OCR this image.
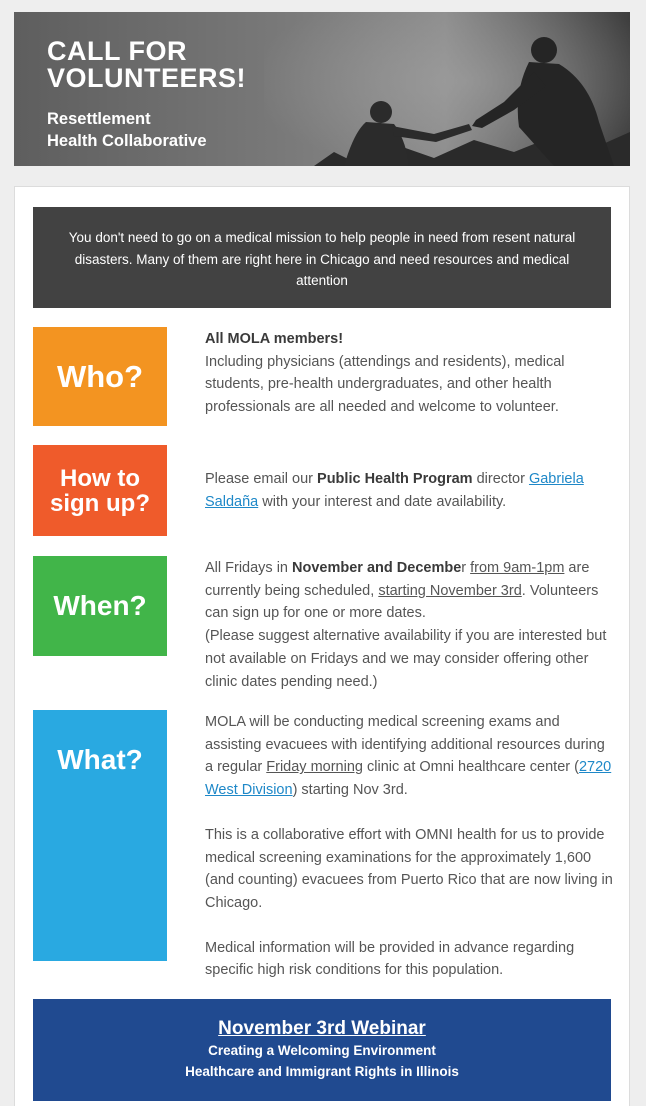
CALL FOR VOLUNTEERS!
Resettlement
Health Collaborative
You don't need to go on a medical mission to help people in need from resent natural disasters. Many of them are right here in Chicago and need resources and medical attention
Who?
All MOLA members!
Including physicians (attendings and residents), medical students, pre-health undergraduates, and other health professionals are all needed and welcome to volunteer.
How to sign up?
Please email our Public Health Program director Gabriela Saldaña with your interest and date availability.
When?
All Fridays in November and December from 9am-1pm are currently being scheduled, starting November 3rd. Volunteers can sign up for one or more dates.
(Please suggest alternative availability if you are interested but not available on Fridays and we may consider offering other clinic dates pending need.)
What?

MOLA will be conducting medical screening exams and assisting evacuees with identifying additional resources during a regular Friday morning clinic at Omni healthcare center (2720 West Division) starting Nov 3rd.

This is a collaborative effort with OMNI health for us to provide medical screening examinations for the approximately 1,600 (and counting) evacuees from Puerto Rico that are now living in Chicago.

Medical information will be provided in advance regarding specific high risk conditions for this population.

November 3rd Webinar
Creating a Welcoming Environment
Healthcare and Immigrant Rights in Illinois
